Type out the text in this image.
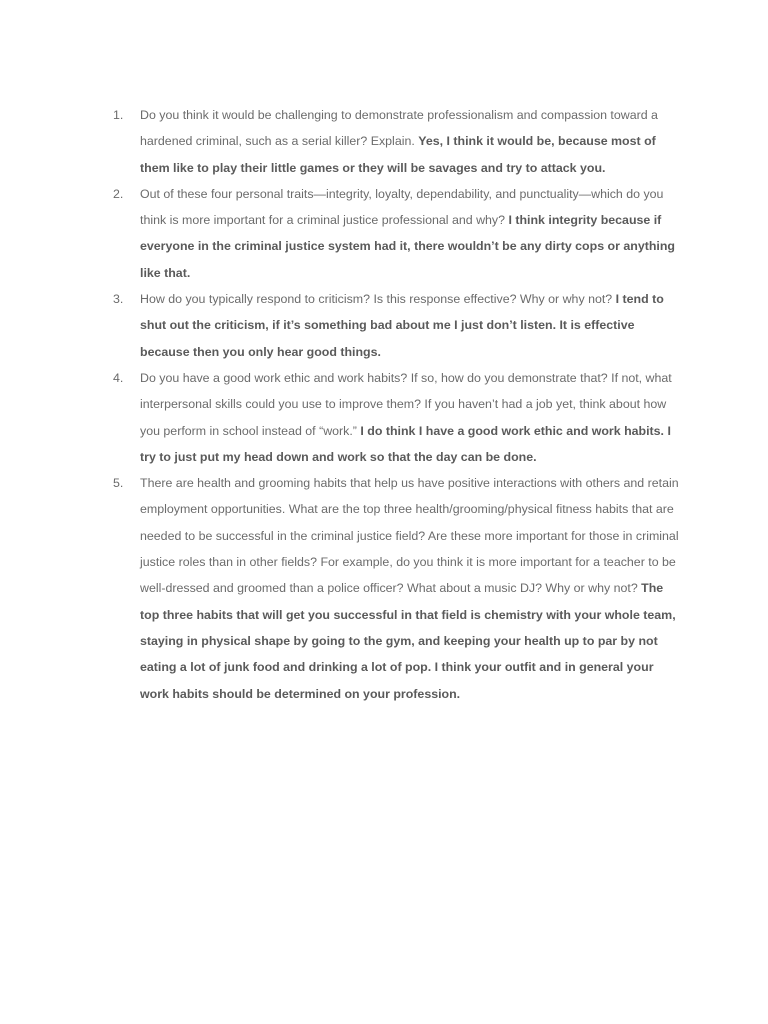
1.	Do you think it would be challenging to demonstrate professionalism and compassion toward a hardened criminal, such as a serial killer? Explain. Yes, I think it would be, because most of them like to play their little games or they will be savages and try to attack you.
2.	Out of these four personal traits—integrity, loyalty, dependability, and punctuality—which do you think is more important for a criminal justice professional and why? I think integrity because if everyone in the criminal justice system had it, there wouldn’t be any dirty cops or anything like that.
3.	How do you typically respond to criticism? Is this response effective? Why or why not? I tend to shut out the criticism, if it’s something bad about me I just don’t listen. It is effective because then you only hear good things.
4.	Do you have a good work ethic and work habits? If so, how do you demonstrate that? If not, what interpersonal skills could you use to improve them? If you haven’t had a job yet, think about how you perform in school instead of “work.” I do think I have a good work ethic and work habits. I try to just put my head down and work so that the day can be done.
5.	There are health and grooming habits that help us have positive interactions with others and retain employment opportunities. What are the top three health/grooming/physical fitness habits that are needed to be successful in the criminal justice field? Are these more important for those in criminal justice roles than in other fields? For example, do you think it is more important for a teacher to be well-dressed and groomed than a police officer? What about a music DJ? Why or why not? The top three habits that will get you successful in that field is chemistry with your whole team, staying in physical shape by going to the gym, and keeping your health up to par by not eating a lot of junk food and drinking a lot of pop. I think your outfit and in general your work habits should be determined on your profession.
